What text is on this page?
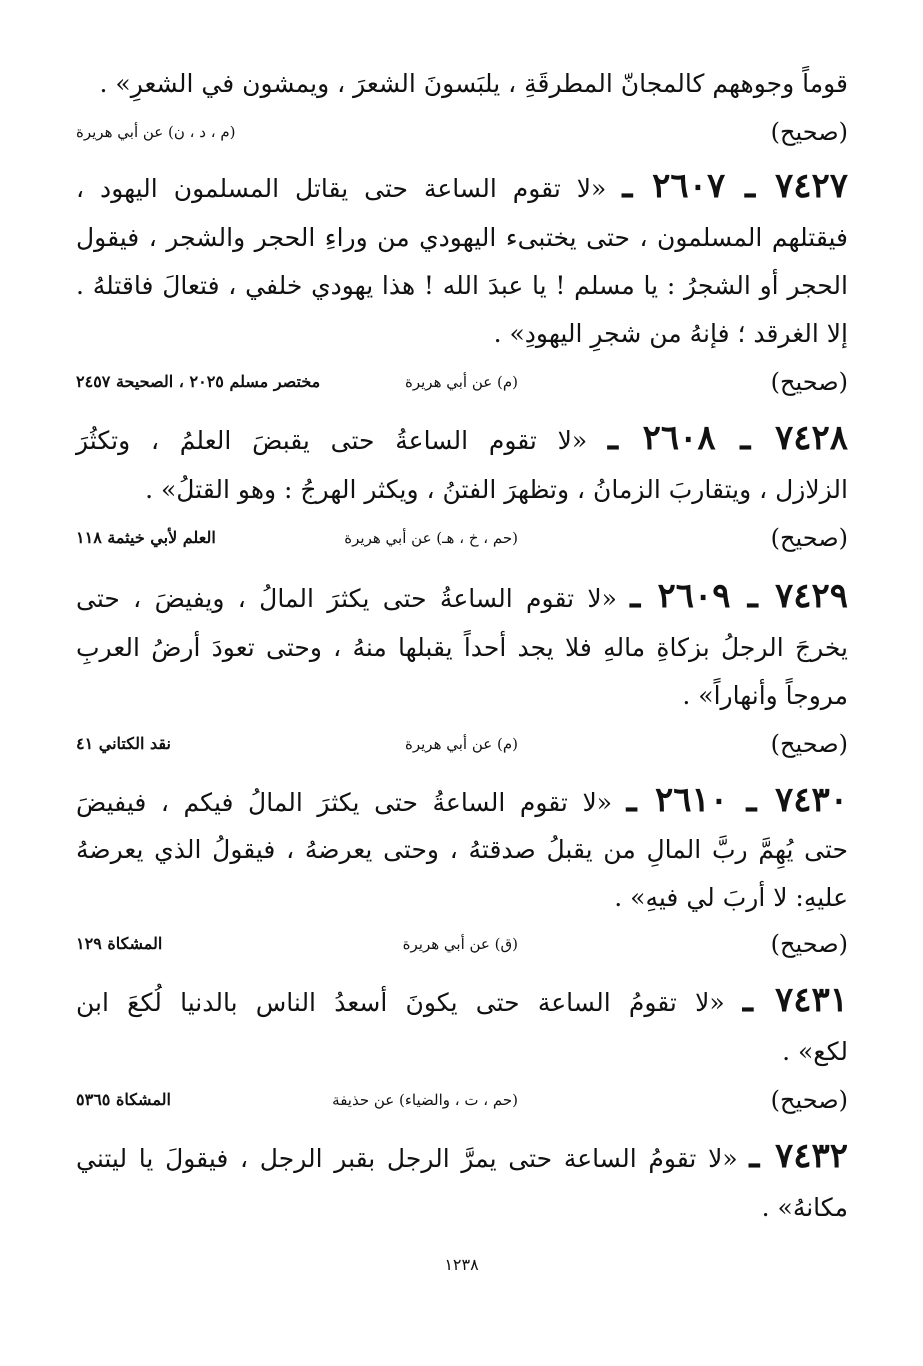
قوماً وجوههم كالمجانّ المطرقَةِ ، يلبَسونَ الشعرَ ، ويمشون في الشعرِ» .
(صحيح)
(م ، د ، ن) عن أبي هريرة
٧٤٢٧ ـ ٢٦٠٧ ـ «لا تقوم الساعة حتى يقاتل المسلمون اليهود ،
فيقتلهم المسلمون ، حتى يختبىء اليهودي من وراءِ الحجر والشجر ، فيقول
الحجر أو الشجرُ : يا مسلم ! يا عبدَ الله ! هذا يهودي خلفي ، فتعالَ فاقتلهُ .
إلا الغرقد ؛ فإنهُ من شجرِ اليهودِ» .
(صحيح)
(م) عن أبي هريرة
مختصر مسلم ٢٠٢٥ ، الصحيحة ٢٤٥٧
٧٤٢٨ ـ ٢٦٠٨ ـ «لا تقوم الساعةُ حتى يقبضَ العلمُ ، وتكثُرَ
الزلازل ، ويتقاربَ الزمانُ ، وتظهرَ الفتنُ ، ويكثر الهرجُ : وهو القتلُ» .
(صحيح)
(حم ، خ ، هـ) عن أبي هريرة
العلم لأبي خيثمة ١١٨
٧٤٢٩ ـ ٢٦٠٩ ـ «لا تقوم الساعةُ حتى يكثرَ المالُ ، ويفيضَ ، حتى
يخرجَ الرجلُ بزكاةِ مالهِ فلا يجد أحداً يقبلها منهُ ، وحتى تعودَ أرضُ العربِ
مروجاً وأنهاراً» .
(صحيح)
(م) عن أبي هريرة
نقد الكتاني ٤١
٧٤٣٠ ـ ٢٦١٠ ـ «لا تقوم الساعةُ حتى يكثرَ المالُ فيكم ، فيفيضَ
حتى يُهِمَّ ربَّ المالِ من يقبلُ صدقتهُ ، وحتى يعرضهُ ، فيقولُ الذي يعرضهُ
عليهِ: لا أربَ لي فيهِ» .
(صحيح)
(ق) عن أبي هريرة
المشكاة ١٢٩
٧٤٣١ ـ «لا تقومُ الساعة حتى يكونَ أسعدُ الناس بالدنيا لُكعَ ابن
لكع» .
(صحيح)
(حم ، ت ، والضياء) عن حذيفة
المشكاة ٥٣٦٥
٧٤٣٢ ـ «لا تقومُ الساعة حتى يمرَّ الرجل بقبر الرجل ، فيقولَ يا ليتني
مكانهُ» .
١٢٣٨
